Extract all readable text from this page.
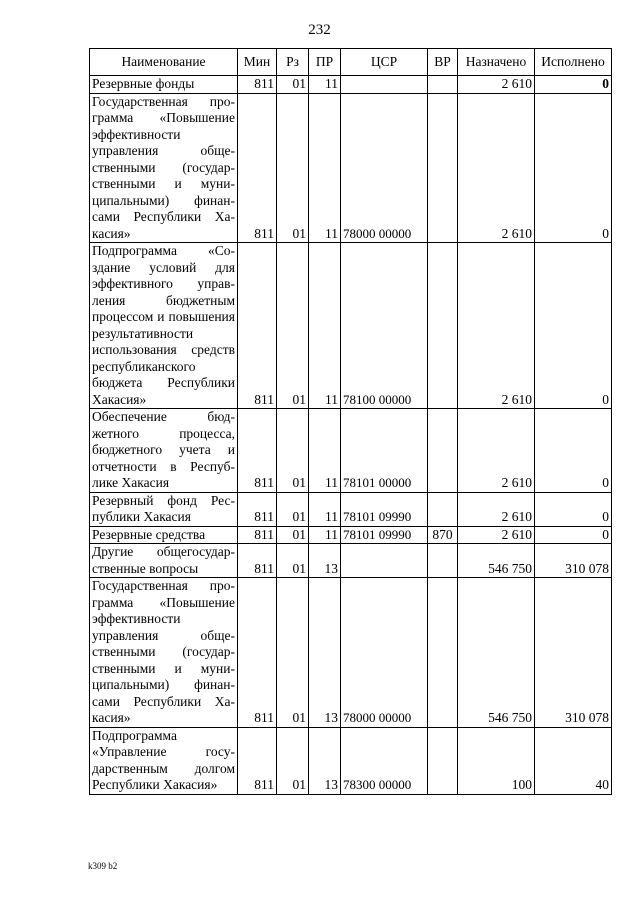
232
Наименование	Мин	Рз	ПР	ЦСР	ВР	Назначено	Исполнено
Резервные фонды	811	01	11			2 610	0
Государственная программа «Повышение эффективности управления общественными (государственными и муниципальными) финансами Республики Хакасия»	811	01	11	78000 00000		2 610	0
Подпрограмма «Создание условий для эффективного управления бюджетным процессом и повышения результативности использования средств республиканского бюджета Республики Хакасия»	811	01	11	78100 00000		2 610	0
Обеспечение бюджетного процесса, бюджетного учета и отчетности в Республике Хакасия	811	01	11	78101 00000		2 610	0
Резервный фонд Республики Хакасия	811	01	11	78101 09990		2 610	0
Резервные средства	811	01	11	78101 09990	870	2 610	0
Другие общегосударственные вопросы	811	01	13			546 750	310 078
Государственная программа «Повышение эффективности управления общественными (государственными и муниципальными) финансами Республики Хакасия»	811	01	13	78000 00000		546 750	310 078
Подпрограмма «Управление государственным долгом Республики Хакасия»	811	01	13	78300 00000		100	40
k309 b2
